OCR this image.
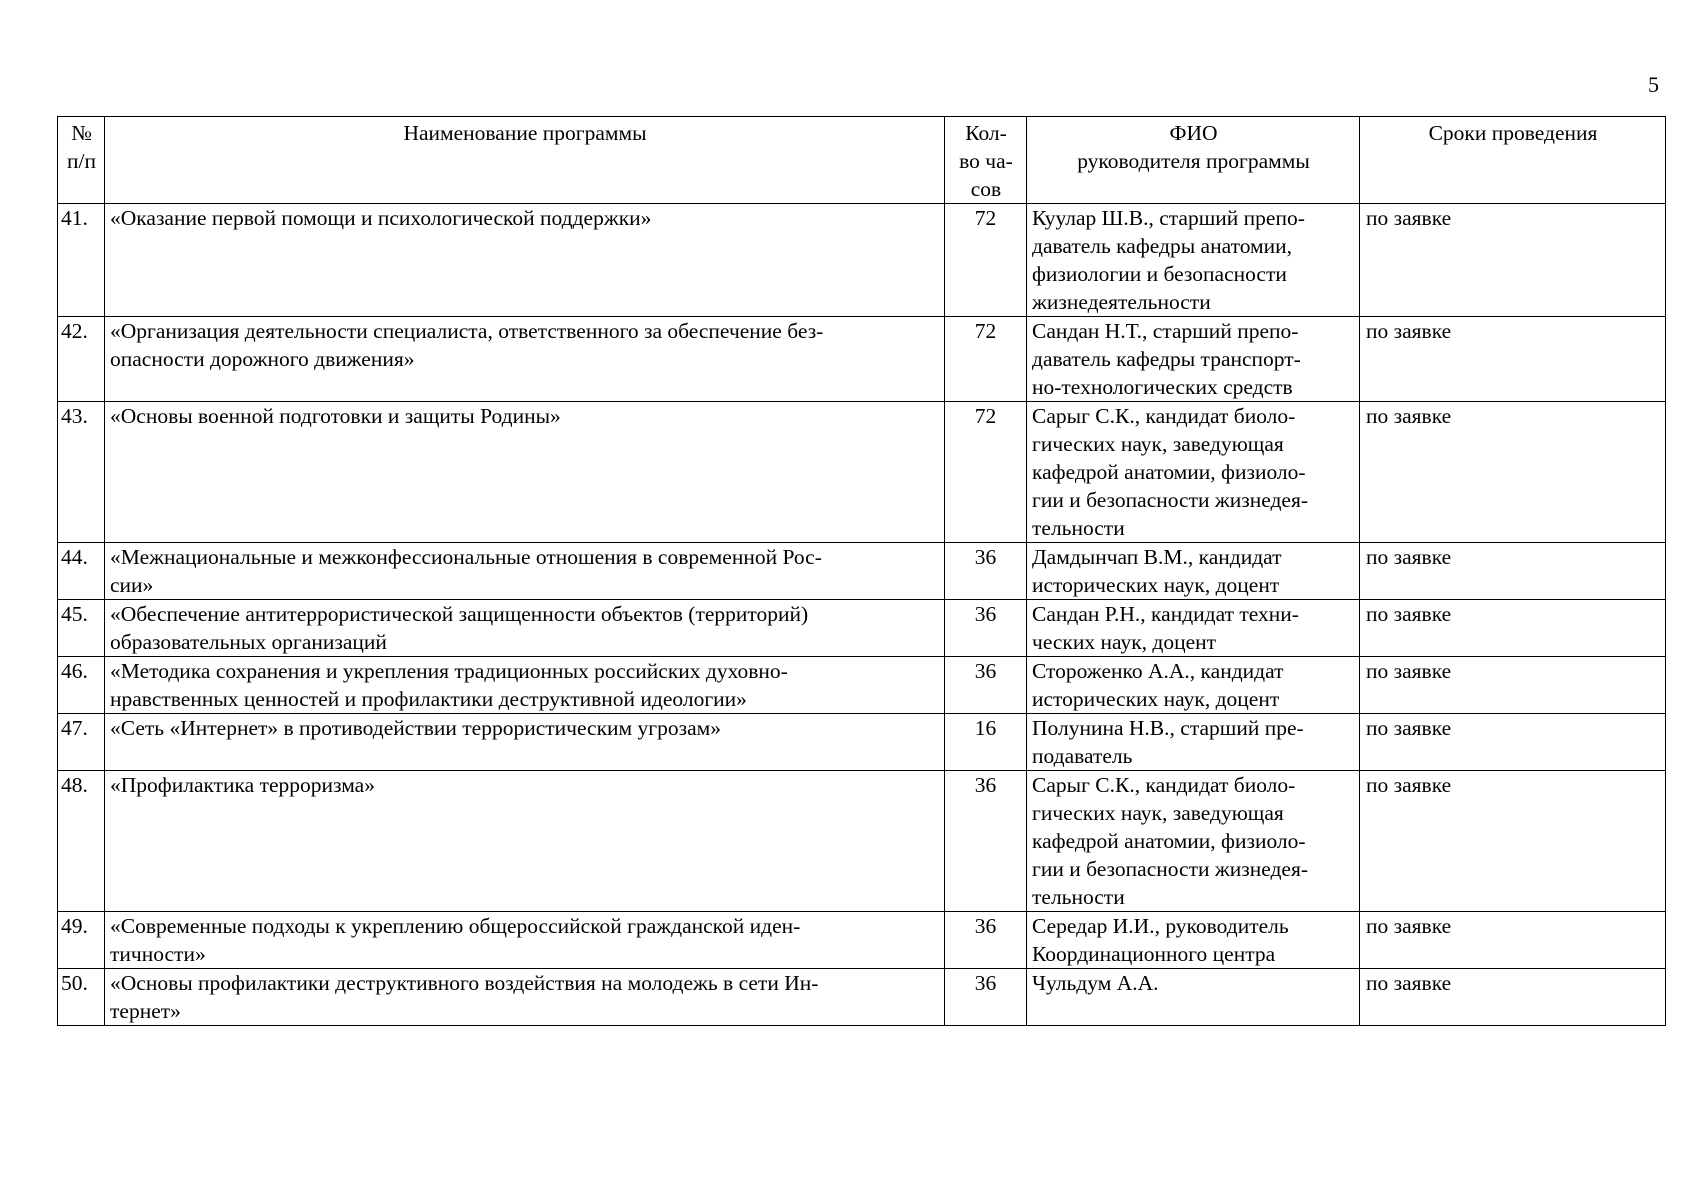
5
№
п/п	Наименование программы	Кол-
во ча-
сов	ФИО
руководителя программы	Сроки проведения
41.	«Оказание первой помощи и психологической поддержки»	72	Куулар Ш.В., старший препо-
даватель кафедры анатомии,
физиологии и безопасности
жизнедеятельности	по заявке
42.	«Организация деятельности специалиста, ответственного за обеспечение без-
опасности дорожного движения»	72	Сандан Н.Т., старший препо-
даватель кафедры транспорт-
но-технологических средств	по заявке
43.	«Основы военной подготовки и защиты Родины»	72	Сарыг С.К., кандидат биоло-
гических наук, заведующая
кафедрой анатомии, физиоло-
гии и безопасности жизнедея-
тельности	по заявке
44.	«Межнациональные и межконфессиональные отношения в современной Рос-
сии»	36	Дамдынчап В.М., кандидат
исторических наук, доцент	по заявке
45.	«Обеспечение антитеррористической защищенности объектов (территорий)
образовательных организаций	36	Сандан Р.Н., кандидат техни-
ческих наук, доцент	по заявке
46.	«Методика сохранения и укрепления традиционных российских духовно-
нравственных ценностей и профилактики деструктивной идеологии»	36	Стороженко А.А., кандидат
исторических наук, доцент	по заявке
47.	«Сеть «Интернет» в противодействии террористическим угрозам»	16	Полунина Н.В., старший пре-
подаватель	по заявке
48.	«Профилактика терроризма»	36	Сарыг С.К., кандидат биоло-
гических наук, заведующая
кафедрой анатомии, физиоло-
гии и безопасности жизнедея-
тельности	по заявке
49.	«Современные подходы к укреплению общероссийской гражданской иден-
тичности»	36	Середар И.И., руководитель
Координационного центра	по заявке
50.	«Основы профилактики деструктивного воздействия на молодежь в сети Ин-
тернет»	36	Чульдум А.А.	по заявке
